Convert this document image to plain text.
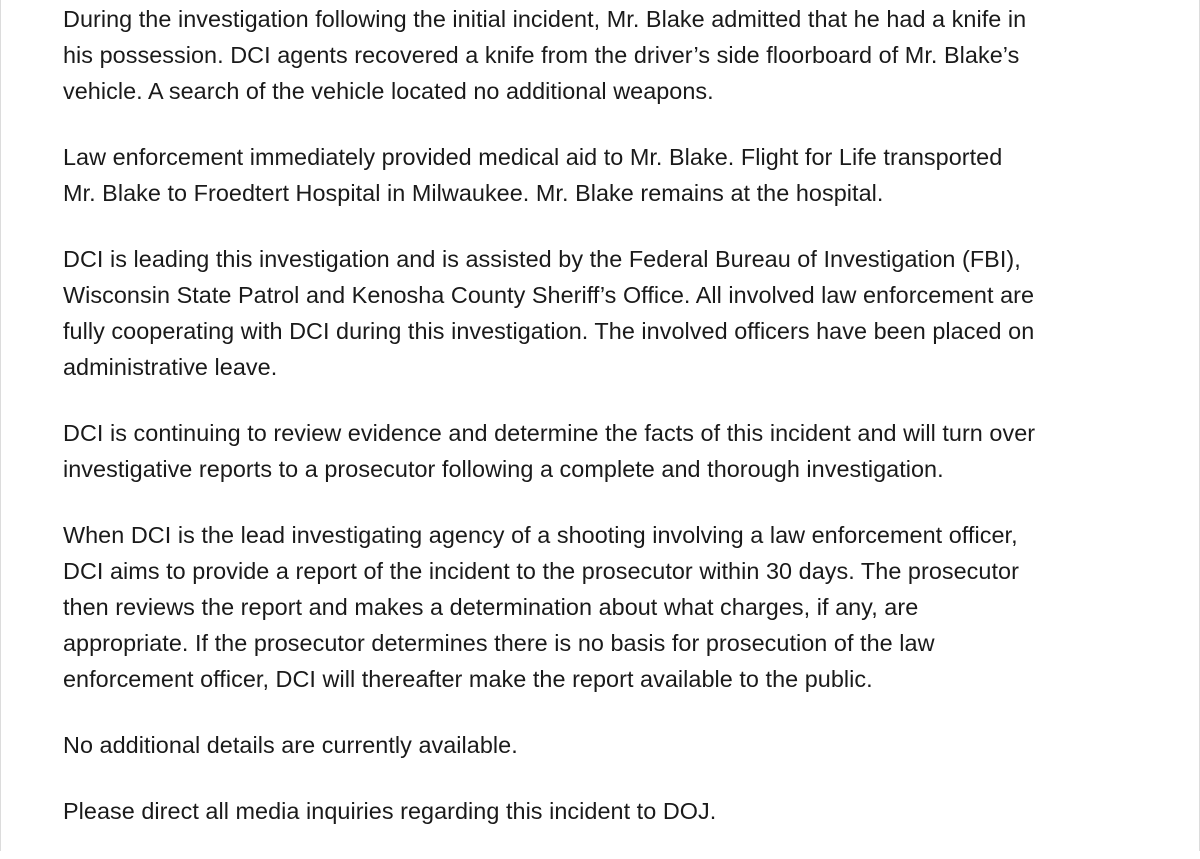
During the investigation following the initial incident, Mr. Blake admitted that he had a knife in
his possession. DCI agents recovered a knife from the driver’s side floorboard of Mr. Blake’s
vehicle. A search of the vehicle located no additional weapons.

Law enforcement immediately provided medical aid to Mr. Blake. Flight for Life transported
Mr. Blake to Froedtert Hospital in Milwaukee. Mr. Blake remains at the hospital.

DCI is leading this investigation and is assisted by the Federal Bureau of Investigation (FBI),
Wisconsin State Patrol and Kenosha County Sheriff’s Office. All involved law enforcement are
fully cooperating with DCI during this investigation. The involved officers have been placed on
administrative leave.

DCI is continuing to review evidence and determine the facts of this incident and will turn over
investigative reports to a prosecutor following a complete and thorough investigation.

When DCI is the lead investigating agency of a shooting involving a law enforcement officer,
DCI aims to provide a report of the incident to the prosecutor within 30 days. The prosecutor
then reviews the report and makes a determination about what charges, if any, are
appropriate. If the prosecutor determines there is no basis for prosecution of the law
enforcement officer, DCI will thereafter make the report available to the public.

No additional details are currently available.

Please direct all media inquiries regarding this incident to DOJ.
